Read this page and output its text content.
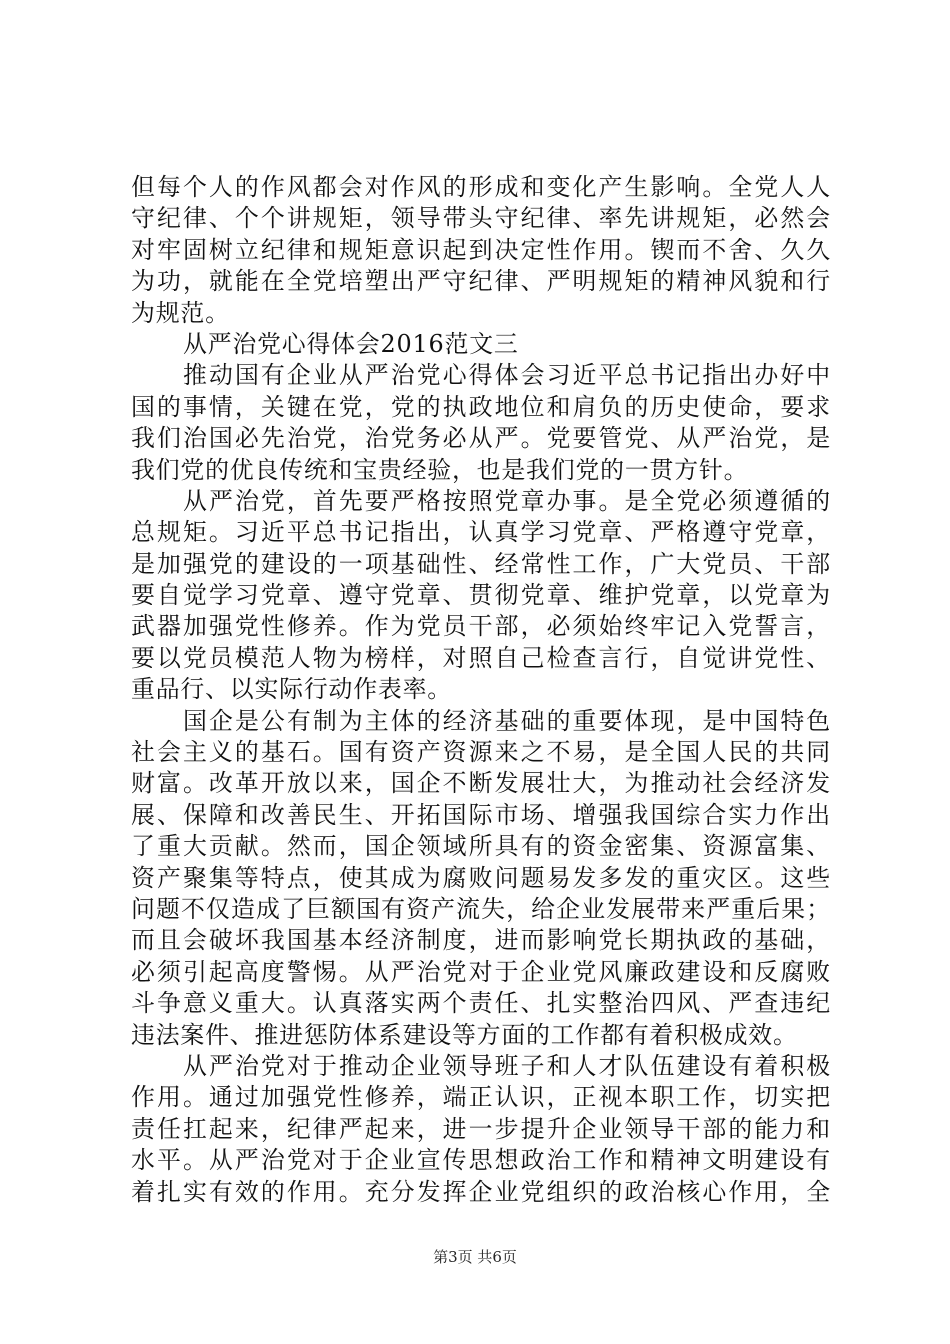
但每个人的作风都会对作风的形成和变化产生影响。全党人人
守纪律、个个讲规矩，领导带头守纪律、率先讲规矩，必然会
对牢固树立纪律和规矩意识起到决定性作用。锲而不舍、久久
为功，就能在全党培塑出严守纪律、严明规矩的精神风貌和行
为规范。
从严治党心得体会2016范文三
推动国有企业从严治党心得体会习近平总书记指出办好中
国的事情，关键在党，党的执政地位和肩负的历史使命，要求
我们治国必先治党，治党务必从严。党要管党、从严治党，是
我们党的优良传统和宝贵经验，也是我们党的一贯方针。
从严治党，首先要严格按照党章办事。是全党必须遵循的
总规矩。习近平总书记指出，认真学习党章、严格遵守党章，
是加强党的建设的一项基础性、经常性工作，广大党员、干部
要自觉学习党章、遵守党章、贯彻党章、维护党章，以党章为
武器加强党性修养。作为党员干部，必须始终牢记入党誓言，
要以党员模范人物为榜样，对照自己检查言行，自觉讲党性、
重品行、以实际行动作表率。
国企是公有制为主体的经济基础的重要体现，是中国特色
社会主义的基石。国有资产资源来之不易，是全国人民的共同
财富。改革开放以来，国企不断发展壮大，为推动社会经济发
展、保障和改善民生、开拓国际市场、增强我国综合实力作出
了重大贡献。然而，国企领域所具有的资金密集、资源富集、
资产聚集等特点，使其成为腐败问题易发多发的重灾区。这些
问题不仅造成了巨额国有资产流失，给企业发展带来严重后果；
而且会破坏我国基本经济制度，进而影响党长期执政的基础，
必须引起高度警惕。从严治党对于企业党风廉政建设和反腐败
斗争意义重大。认真落实两个责任、扎实整治四风、严查违纪
违法案件、推进惩防体系建设等方面的工作都有着积极成效。
从严治党对于推动企业领导班子和人才队伍建设有着积极
作用。通过加强党性修养，端正认识，正视本职工作，切实把
责任扛起来，纪律严起来，进一步提升企业领导干部的能力和
水平。从严治党对于企业宣传思想政治工作和精神文明建设有
着扎实有效的作用。充分发挥企业党组织的政治核心作用，全
第3页 共6页
